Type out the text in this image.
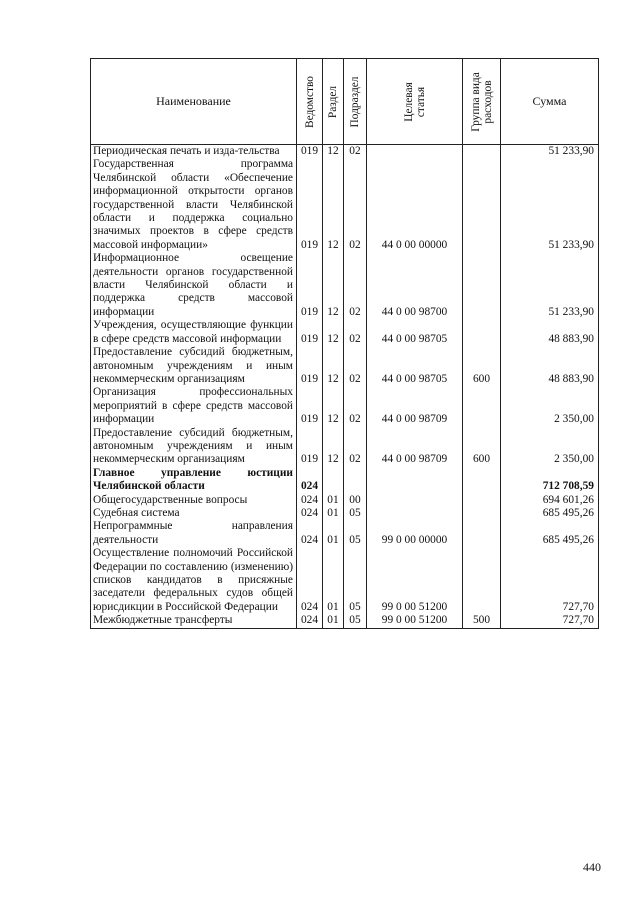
Наименование	Ведомство	Раздел	Подраздел	Целевая статья	Группа вида расходов	Сумма
Периодическая печать и изда-тельства	019	12	02			51 233,90
Государственная программа Челябинской области «Обеспечение информационной открытости органов государственной власти Челябинской области и поддержка социально значимых проектов в сфере средств массовой информации»	019	12	02	44 0 00 00000		51 233,90
Информационное освещение деятельности органов государственной власти Челябинской области и поддержка средств массовой информации	019	12	02	44 0 00 98700		51 233,90
Учреждения, осуществляющие функции в сфере средств массовой информации	019	12	02	44 0 00 98705		48 883,90
Предоставление субсидий бюджетным, автономным учреждениям и иным некоммерческим организациям	019	12	02	44 0 00 98705	600	48 883,90
Организация профессиональных мероприятий в сфере средств массовой информации	019	12	02	44 0 00 98709		2 350,00
Предоставление субсидий бюджетным, автономным учреждениям и иным некоммерческим организациям	019	12	02	44 0 00 98709	600	2 350,00
Главное управление юстиции Челябинской области	024					712 708,59
Общегосударственные вопросы	024	01	00			694 601,26
Судебная система	024	01	05			685 495,26
Непрограммные направления деятельности	024	01	05	99 0 00 00000		685 495,26
Осуществление полномочий Российской Федерации по составлению (изменению) списков кандидатов в присяжные заседатели федеральных судов общей юрисдикции в Российской Федерации	024	01	05	99 0 00 51200		727,70
Межбюджетные трансферты	024	01	05	99 0 00 51200	500	727,70
440
